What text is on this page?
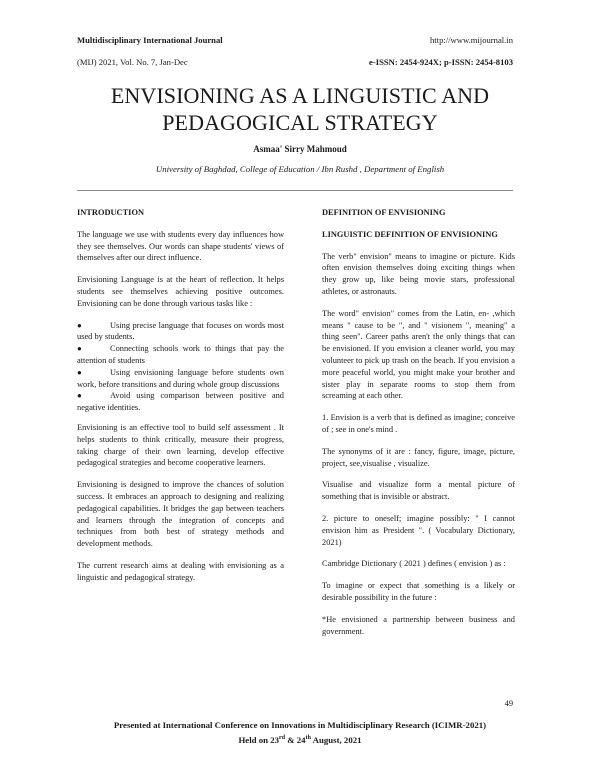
Multidisciplinary International Journal	http://www.mijournal.in
(MIJ) 2021, Vol. No. 7, Jan-Dec	e-ISSN: 2454-924X; p-ISSN: 2454-8103
ENVISIONING AS A LINGUISTIC AND
PEDAGOGICAL STRATEGY
Asmaa' Sirry Mahmoud
University of Baghdad, College of Education / Ibn Rushd , Department of English
INTRODUCTION

The language we use with students every day influences how they see themselves. Our words can shape students' views of themselves after our direct influence.

Envisioning Language is at the heart of reflection. It helps students see themselves achieving positive outcomes. Envisioning can be done through various tasks like :

●	Using precise language that focuses on words most used by students.
●	Connecting schools work to things that pay the attention of students
●	Using envisioning language before students own work, before transitions and during whole group discussions
●	Avoid using comparison between positive and negative identities.

Envisioning is an effective tool to build self assessment . It helps students to think critically, measure their progress, taking charge of their own learning, develop effective pedagogical strategies and become cooperative learners.

Envisioning is designed to improve the chances of solution success. It embraces an approach to designing and realizing pedagogical capabilities. It bridges the gap between teachers and learners through the integration of concepts and techniques from both best of strategy methods and development methods.

The current research aims at dealing with envisioning as a linguistic and pedagogical strategy.

DEFINITION OF ENVISIONING
LINGUISTIC DEFINITION OF ENVISIONING

The verb" envision" means to imagine or picture. Kids often envision themselves doing exciting things when they grow up, like being movie stars, professional athletes, or astronauts.

The word" envision" comes from the Latin, en- ,which means " cause to be ", and " visionem ", meaning" a thing seen". Career paths aren't the only things that can be envisioned. If you envision a cleaner world, you may volunteer to pick up trash on the beach. If you envision a more peaceful world, you might make your brother and sister play in separate rooms to stop them from screaming at each other.

1. Envision is a verb that is defined as imagine; conceive of ; see in one's mind .

The synonyms of it are : fancy, figure, image, picture, project, see,visualise , visualize.

Visualise and visualize form a mental picture of something that is invisible or abstract.

2. picture to oneself; imagine possibly: " I cannot envision him as President ". ( Vocabulary Dictionary, 2021)

Cambridge Dictionary ( 2021 ) defines ( envision ) as :

To imagine or expect that something is a likely or desirable possibility in the future :

*He envisioned a partnership between business and government.

49
Presented at International Conference on Innovations in Multidisciplinary Research (ICIMR-2021)
Held on 23rd & 24th August, 2021
